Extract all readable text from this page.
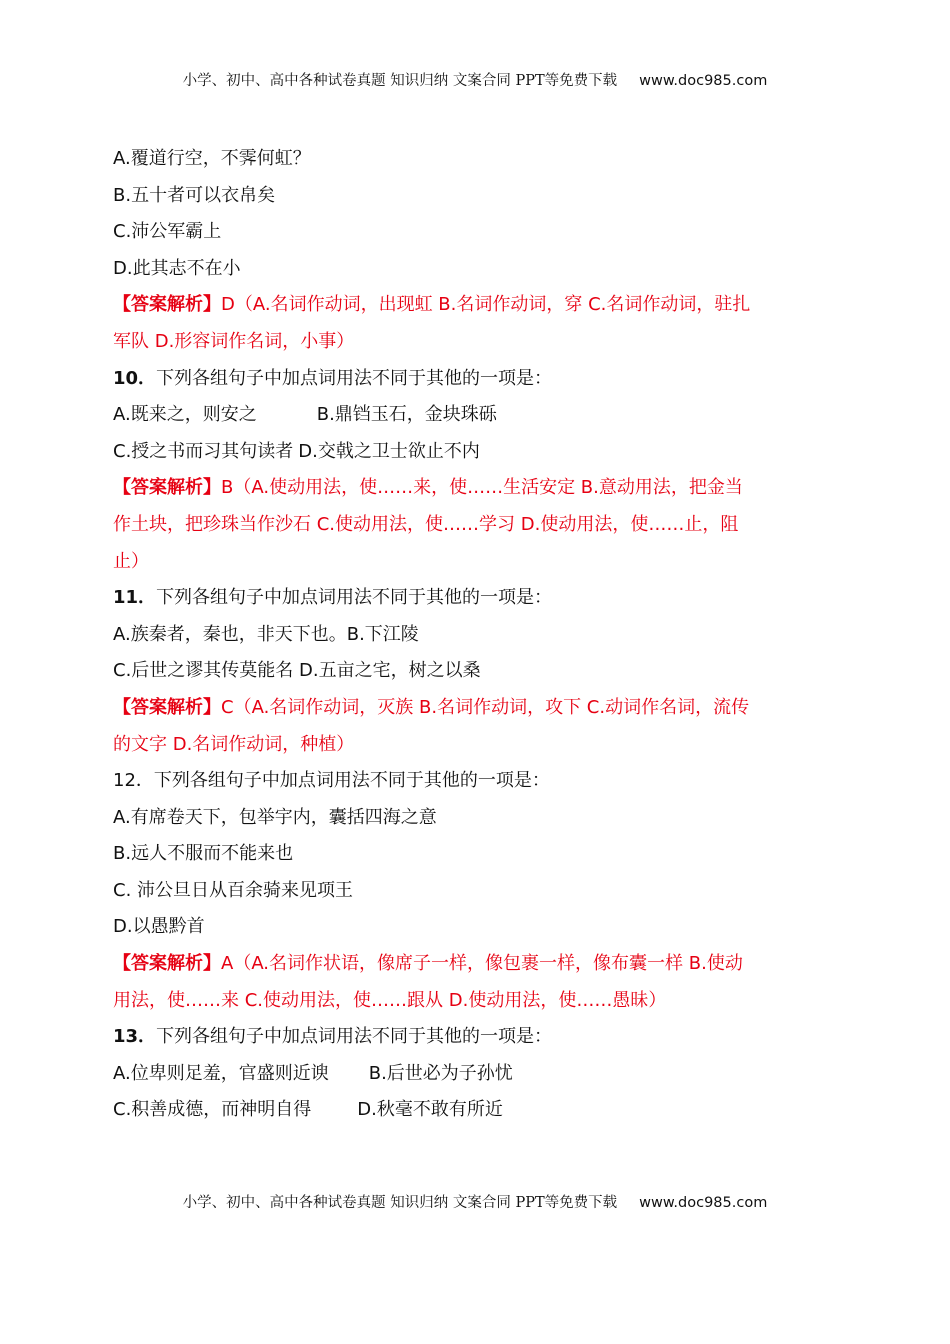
小学、初中、高中各种试卷真题 知识归纳 文案合同 PPT等免费下载 www.doc985.com
A.覆道行空，不霁何虹？
B.五十者可以衣帛矣
C.沛公军霸上
D.此其志不在小
【答案解析】D（A.名词作动词，出现虹 B.名词作动词，穿 C.名词作动词，驻扎
军队 D.形容词作名词，小事）
10．下列各组句子中加点词用法不同于其他的一项是：
A.既来之，则安之	B.鼎铛玉石，金块珠砾
C.授之书而习其句读者 D.交戟之卫士欲止不内
【答案解析】B（A.使动用法，使……来，使……生活安定 B.意动用法，把金当
作土块，把珍珠当作沙石 C.使动用法，使……学习 D.使动用法，使……止，阻
止）
11．下列各组句子中加点词用法不同于其他的一项是：
A.族秦者，秦也，非天下也。B.下江陵
C.后世之谬其传莫能名 D.五亩之宅，树之以桑
【答案解析】C（A.名词作动词，灭族 B.名词作动词，攻下 C.动词作名词，流传
的文字 D.名词作动词，种植）
12．下列各组句子中加点词用法不同于其他的一项是：
A.有席卷天下，包举宇内，囊括四海之意
B.远人不服而不能来也
C. 沛公旦日从百余骑来见项王
D.以愚黔首
【答案解析】A（A.名词作状语，像席子一样，像包裹一样，像布囊一样 B.使动
用法，使……来 C.使动用法，使……跟从 D.使动用法，使……愚昧）
13．下列各组句子中加点词用法不同于其他的一项是：
A.位卑则足羞，官盛则近谀 B.后世必为子孙忧
C.积善成德，而神明自得	D.秋毫不敢有所近
小学、初中、高中各种试卷真题 知识归纳 文案合同 PPT等免费下载 www.doc985.com
